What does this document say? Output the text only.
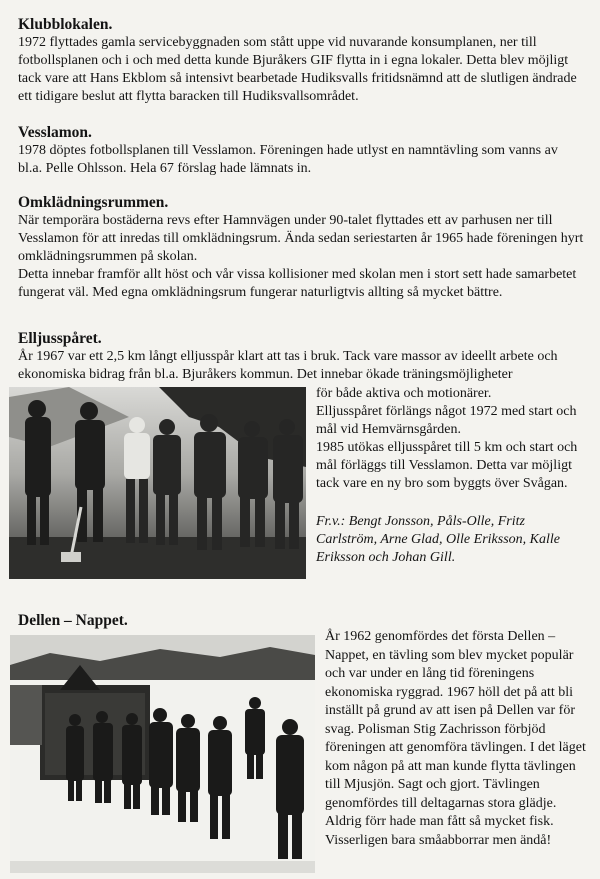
Klubblokalen.

1972 flyttades gamla servicebyggnaden som stått uppe vid nuvarande konsumplanen, ner till fotbollsplanen och i och med detta kunde Bjuråkers GIF flytta in i egna lokaler. Detta blev möjligt tack vare att Hans Ekblom så intensivt bearbetade Hudiksvalls fritidsnämnd att de slutligen ändrade ett tidigare beslut att flytta baracken till Hudiksvallsområdet.

Vesslamon.

1978 döptes fotbollsplanen till Vesslamon. Föreningen hade utlyst en namntävling som vanns av bl.a. Pelle Ohlsson. Hela 67 förslag hade lämnats in.

Omklädningsrummen.

När temporära bostäderna revs efter Hamnvägen under 90-talet flyttades ett av parhusen ner till Vesslamon för att inredas till omklädningsrum. Ända sedan seriestarten år 1965 hade föreningen hyrt omklädningsrummen på skolan.

Detta innebar framför allt höst och vår vissa kollisioner med skolan men i stort sett hade samarbetet fungerat väl. Med egna omklädningsrum fungerar naturligtvis allting så mycket bättre.

Elljusspåret.

År 1967 var ett 2,5 km långt elljusspår klart att tas i bruk. Tack vare massor av ideellt arbete och ekonomiska bidrag från bl.a. Bjuråkers kommun. Det innebar ökade träningsmöjligheter

för både aktiva och motionärer.

Elljusspåret förlängs något 1972 med start och mål vid Hemvärnsgården.

1985 utökas elljusspåret till 5 km och start och mål förläggs till Vesslamon. Detta var möjligt tack vare en ny bro som byggts över Svågan.

Fr.v.: Bengt Jonsson, Påls-Olle, Fritz Carlström, Arne Glad, Olle Eriksson, Kalle Eriksson och Johan Gill.

Dellen – Nappet.

År 1962 genomfördes det första Dellen – Nappet, en tävling som blev mycket populär och var under en lång tid föreningens ekonomiska ryggrad. 1967 höll det på att bli inställt på grund av att isen på Dellen var för svag. Polisman Stig Zachrisson förbjöd föreningen att genomföra tävlingen. I det läget kom någon på att man kunde flytta tävlingen till Mjusjön. Sagt och gjort. Tävlingen genomfördes till deltagarnas stora glädje. Aldrig förr hade man fått så mycket fisk. Visserligen bara småabborrar men ändå!
